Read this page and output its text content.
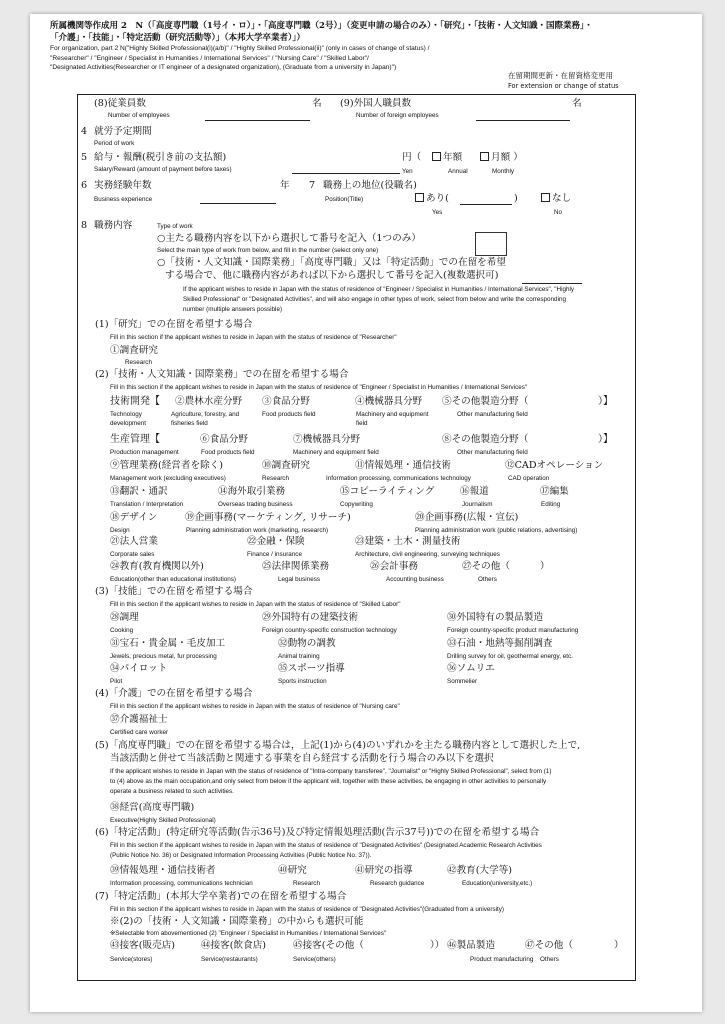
所属機関等作成用 2　N（「高度専門職（1号イ・ロ）」・「高度専門職（2号）」（変更申請の場合のみ）・「研究」・「技術・人文知識・国際業務」・
「介護」・「技能」・「特定活動（研究活動等）」（本邦大学卒業者）」）
For organization, part 2 N("Highly Skilled Professional(i)(a/b)" / "Highly Skilled Professional(ii)" (only in cases of change of status) /
"Researcher" / "Engineer / Specialist in Humanities / International Services" / "Nursing Care" / "Skilled Labor"/
"Designated Activities(Researcher or IT engineer of a designated organization), (Graduate from a university in Japan)")
在留期間更新・在留資格変更用
For extension or change of status
(8)従業員数
Number of employees
名 (9)外国人職員数
Number of foreign employees
名
4 就労予定期間
Period of work
5 給与・報酬(税引き前の支払額)
Salary/Reward (amount of payment before taxes)
円（
Yen
年額
Annual
月額 ）
Monthly
6 実務経験年数
Business experience
年 7 職務上の地位(役職名)
Position(Title)	あり(	)	なし
Yes	No
8 職務内容	Type of work
○主たる職務内容を以下から選択して番号を記入（1つのみ）
Select the main type of work from below, and fill in the number (select only one)
○「技術・人文知識・国際業務」「高度専門職」又は「特定活動」での在留を希望
する場合で、他に職務内容があれば以下から選択して番号を記入(複数選択可)
If the applicant wishes to reside in Japan with the status of residence of "Engineer / Specialist in Humanities / International Services", "Highly
Skilled Professional" or "Designated Activities", and will also engage in other types of work, select from below and write the corresponding
number (multiple answers possible)
(1)「研究」での在留を希望する場合
Fill in this section if the applicant wishes to reside in Japan with the status of residence of "Researcher"
①調査研究
Research
(2)「技術・人文知識・国際業務」での在留を希望する場合
Fill in this section if the applicant wishes to reside in Japan with the status of residence of "Engineer / Specialist in Humanities / International Services"
技術開発【 ②農林水産分野 ③食品分野	④機械器具分野 ⑤その他製造分野（	）】
Technology
development
Agriculture, forestry, and
fisheries field
Food products field	Machinery and equipment
field
Other manufacturing field
生産管理【	⑥食品分野	⑦機械器具分野	⑧その他製造分野（	）】
Production management	Food products field	Machinery and equipment field	Other manufacturing field
⑨管理業務(経営者を除く)	⑩調査研究	⑪情報処理・通信技術	⑫CADオペレーション
Management work (excluding executives)	Research	Information processing, communications technology	CAD operation
⑬翻訳・通訳	⑭海外取引業務	⑮コピーライティング	⑯報道	⑰編集
Translation / Interpretation	Overseas trading business	Copywriting	Journalism	Editing
⑱デザイン	⑲企画事務(マーケティング, リサーチ)	⑳企画事務(広報・宣伝)
Design	Planning administration work (marketing, research)	Planning administration work (public relations, advertising)
㉑法人営業	㉒金融・保険	㉓建築・土木・測量技術
Corporate sales	Finance / insurance	Architecture, civil engineering, surveying techniques
㉔教育(教育機関以外)	㉕法律関係業務	㉖会計事務	㉗その他（	）
Education(other than educational institutions)	Legal business	Accounting business	Others
(3)「技能」での在留を希望する場合
Fill in this section if the applicant wishes to reside in Japan with the status of residence of "Skilled Labor"
㉘調理	㉙外国特有の建築技術	㉚外国特有の製品製造
Cooking	Foreign country-specific construction technology	Foreign country-specific product manufacturing
㉛宝石・貴金属・毛皮加工	㉜動物の調教	㉝石油・地熱等掘削調査
Jewels, precious metal, fur processing	Animal training	Drilling survey for oil, geothermal energy, etc.
㉞パイロット	㉟スポーツ指導	㊱ソムリエ
Pilot	Sports instruction	Sommelier
(4)「介護」での在留を希望する場合
Fill in this section if the applicant wishes to reside in Japan with the status of residence of "Nursing care"
㊲介護福祉士
Certified care worker
(5)「高度専門職」での在留を希望する場合は，上記(1)から(4)のいずれかを主たる職務内容として選択した上で,
当該活動と併せて当該活動と関連する事業を自ら経営する活動を行う場合のみ以下を選択
If the applicant wishes to reside in Japan with the status of residence of "Intra-company transferee", "Journalist" or "Highly Skilled Professional", select from (1)
to (4) above as the main occupation,and only select from below if the applicant will, together with these activities, be engaging in other activities to personally
operate a business related to such activities.
㊳経営(高度専門職)
Executive(Highly Skilled Professional)
(6)「特定活動」(特定研究等活動(告示36号)及び特定情報処理活動(告示37号))での在留を希望する場合
Fill in this section if the applicant wishes to reside in Japan with the status of residence of "Designated Activities" (Designated Academic Research Activities
(Public Notice No. 36) or Designated Information Processing Activities (Public Notice No. 37)).
㊴情報処理・通信技術者	㊵研究	㊶研究の指導	㊷教育(大学等)
Information processing, communications technician	Research	Research guidance	Education(university,etc.)
(7)「特定活動」(本邦大学卒業者)での在留を希望する場合
Fill in this section if the applicant wishes to reside in Japan with the status of residence of "Designated Activities"(Graduated from a university)
※(2)の「技術・人文知識・国際業務」の中からも選択可能
※Selectable from abovementioned (2) "Engineer / Specialist in Humanities / International Services"
㊸接客(販売店)	㊹接客(飲食店)	㊺接客(その他（	）） ㊻製品製造	㊼その他（	）
Service(stores)	Service(restaurants)	Service(others)	Product manufacturing Others
